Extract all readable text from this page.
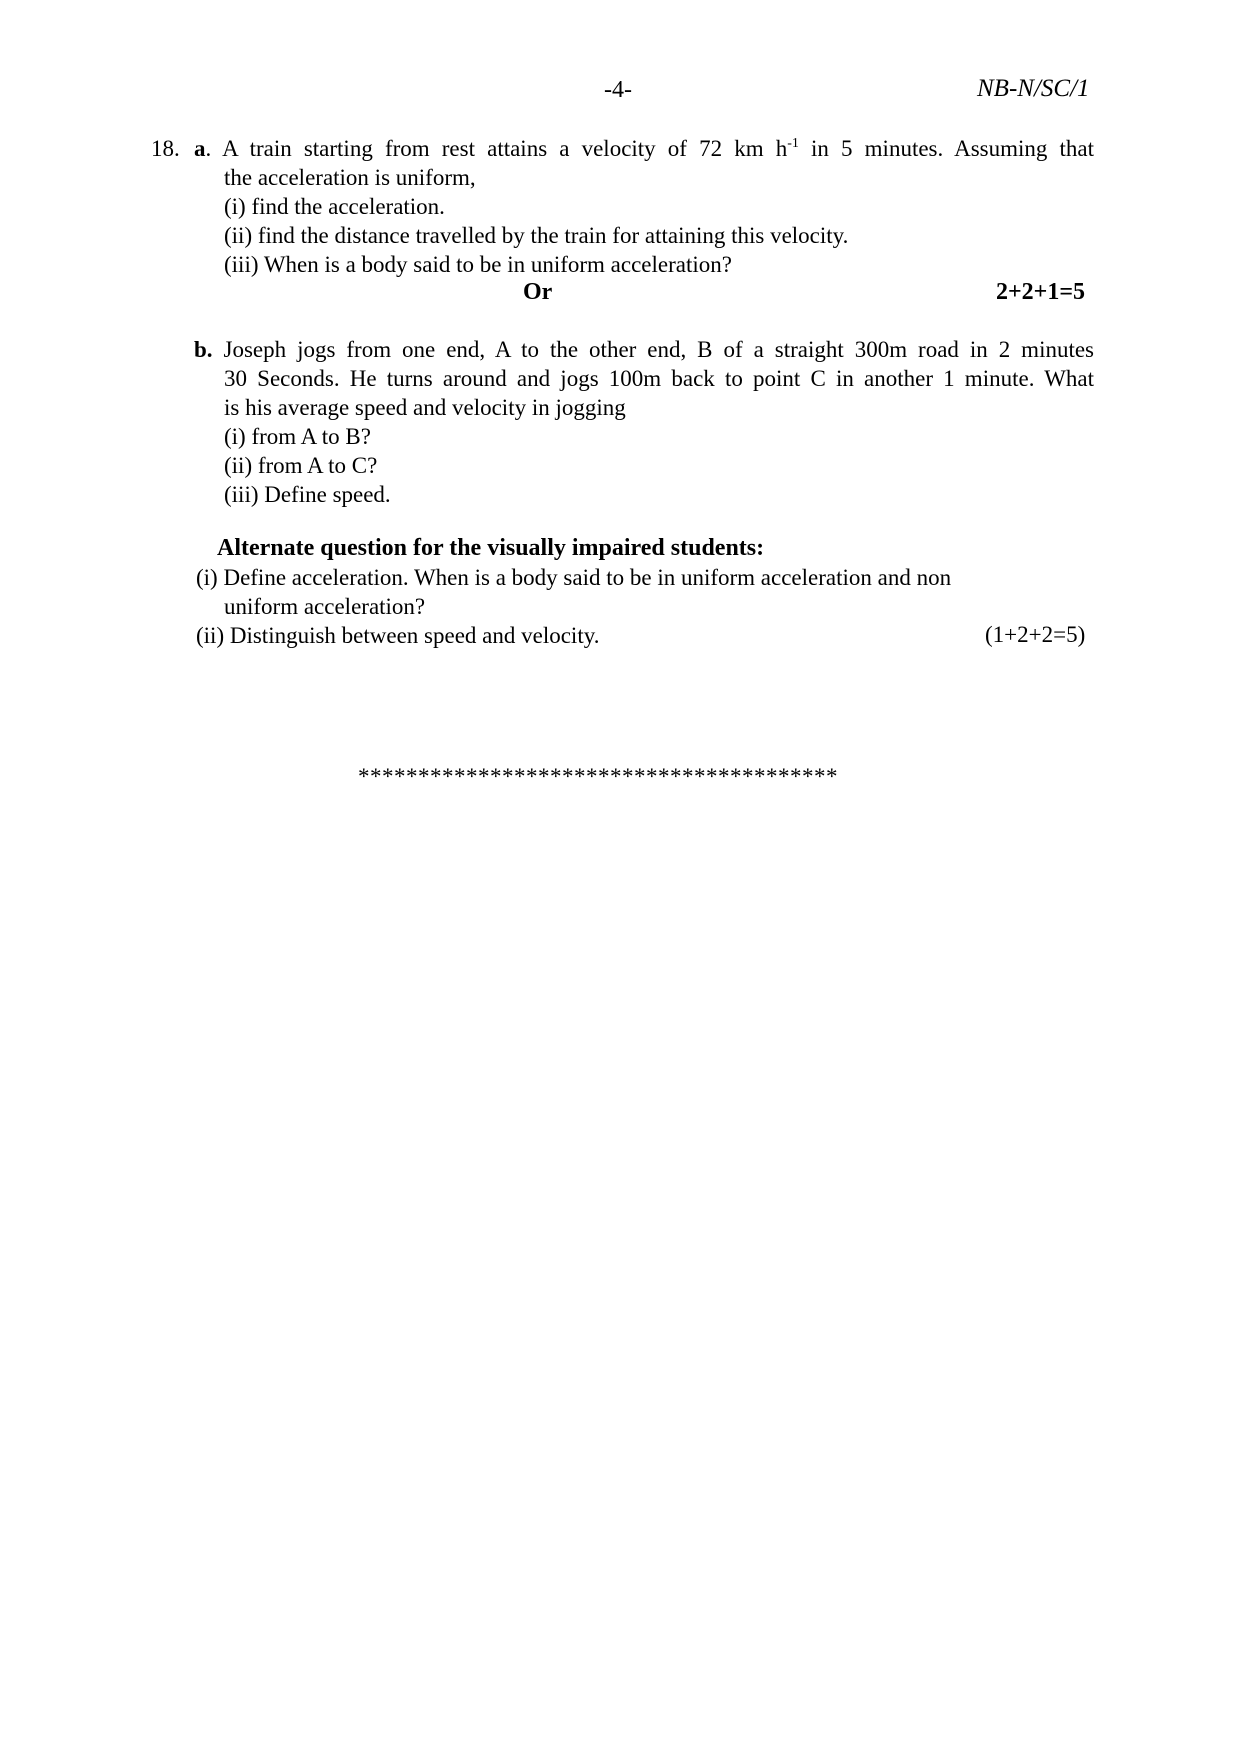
-4-	NB-N/SC/1
18. a. A train starting from rest attains a velocity of 72 km $h^{-1}$ in 5 minutes. Assuming that
the acceleration is uniform,
(i) find the acceleration.
(ii) find the distance travelled by the train for attaining this velocity.
(iii) When is a body said to be in uniform acceleration?
Or	2+2+1=5
b. Joseph jogs from one end, A to the other end, B of a straight 300m road in 2 minutes
30 Seconds. He turns around and jogs 100m back to point C in another 1 minute. What
is his average speed and velocity in jogging
(i) from A to B?
(ii) from A to C?
(iii) Define speed.
Alternate question for the visually impaired students:
(i) Define acceleration. When is a body said to be in uniform acceleration and non
uniform acceleration?
(ii) Distinguish between speed and velocity.	(1+2+2=5)
****************************************
